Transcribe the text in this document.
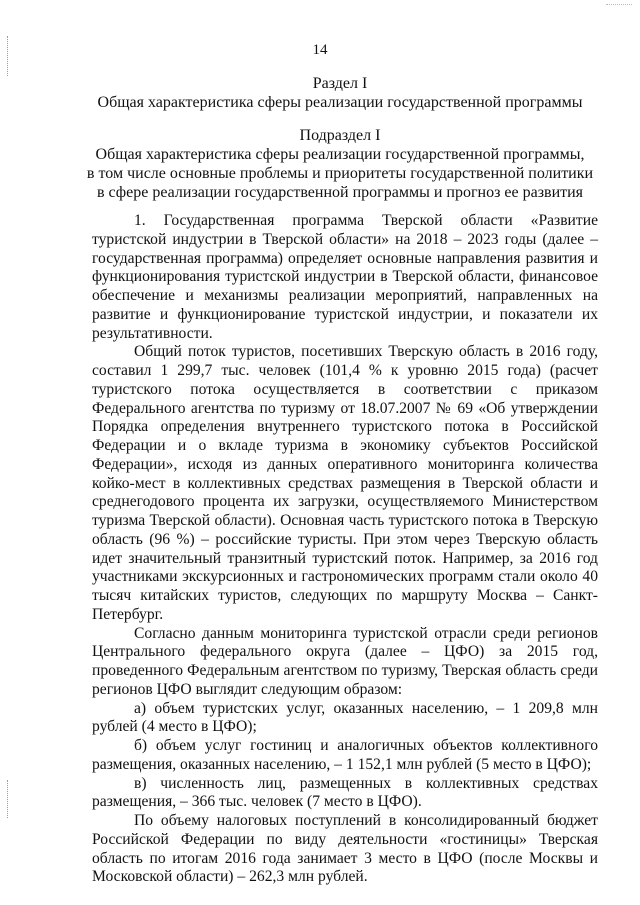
14
Раздел I
Общая характеристика сферы реализации государственной программы
Подраздел I
Общая характеристика сферы реализации государственной программы,
в том числе основные проблемы и приоритеты государственной политики
в сфере реализации государственной программы и прогноз ее развития

1. Государственная программа Тверской области «Развитие туристской индустрии в Тверской области» на 2018 – 2023 годы (далее – государственная программа) определяет основные направления развития и функционирования туристской индустрии в Тверской области, финансовое обеспечение и механизмы реализации мероприятий, направленных на развитие и функционирование туристской индустрии, и показатели их результативности.

Общий поток туристов, посетивших Тверскую область в 2016 году, составил 1 299,7 тыс. человек (101,4 % к уровню 2015 года) (расчет туристского потока осуществляется в соответствии с приказом Федерального агентства по туризму от 18.07.2007 № 69 «Об утверждении Порядка определения внутреннего туристского потока в Российской Федерации и о вкладе туризма в экономику субъектов Российской Федерации», исходя из данных оперативного мониторинга количества койко-мест в коллективных средствах размещения в Тверской области и среднегодового процента их загрузки, осуществляемого Министерством туризма Тверской области). Основная часть туристского потока в Тверскую область (96 %) – российские туристы. При этом через Тверскую область идет значительный транзитный туристский поток. Например, за 2016 год участниками экскурсионных и гастрономических программ стали около 40 тысяч китайских туристов, следующих по маршруту Москва – Санкт-Петербург.

Согласно данным мониторинга туристской отрасли среди регионов Центрального федерального округа (далее – ЦФО) за 2015 год, проведенного Федеральным агентством по туризму, Тверская область среди регионов ЦФО выглядит следующим образом:

а) объем туристских услуг, оказанных населению, – 1 209,8 млн рублей (4 место в ЦФО);

б) объем услуг гостиниц и аналогичных объектов коллективного размещения, оказанных населению, – 1 152,1 млн рублей (5 место в ЦФО);

в) численность лиц, размещенных в коллективных средствах размещения, – 366 тыс. человек (7 место в ЦФО).

По объему налоговых поступлений в консолидированный бюджет Российской Федерации по виду деятельности «гостиницы» Тверская область по итогам 2016 года занимает 3 место в ЦФО (после Москвы и Московской области) – 262,3 млн рублей.
